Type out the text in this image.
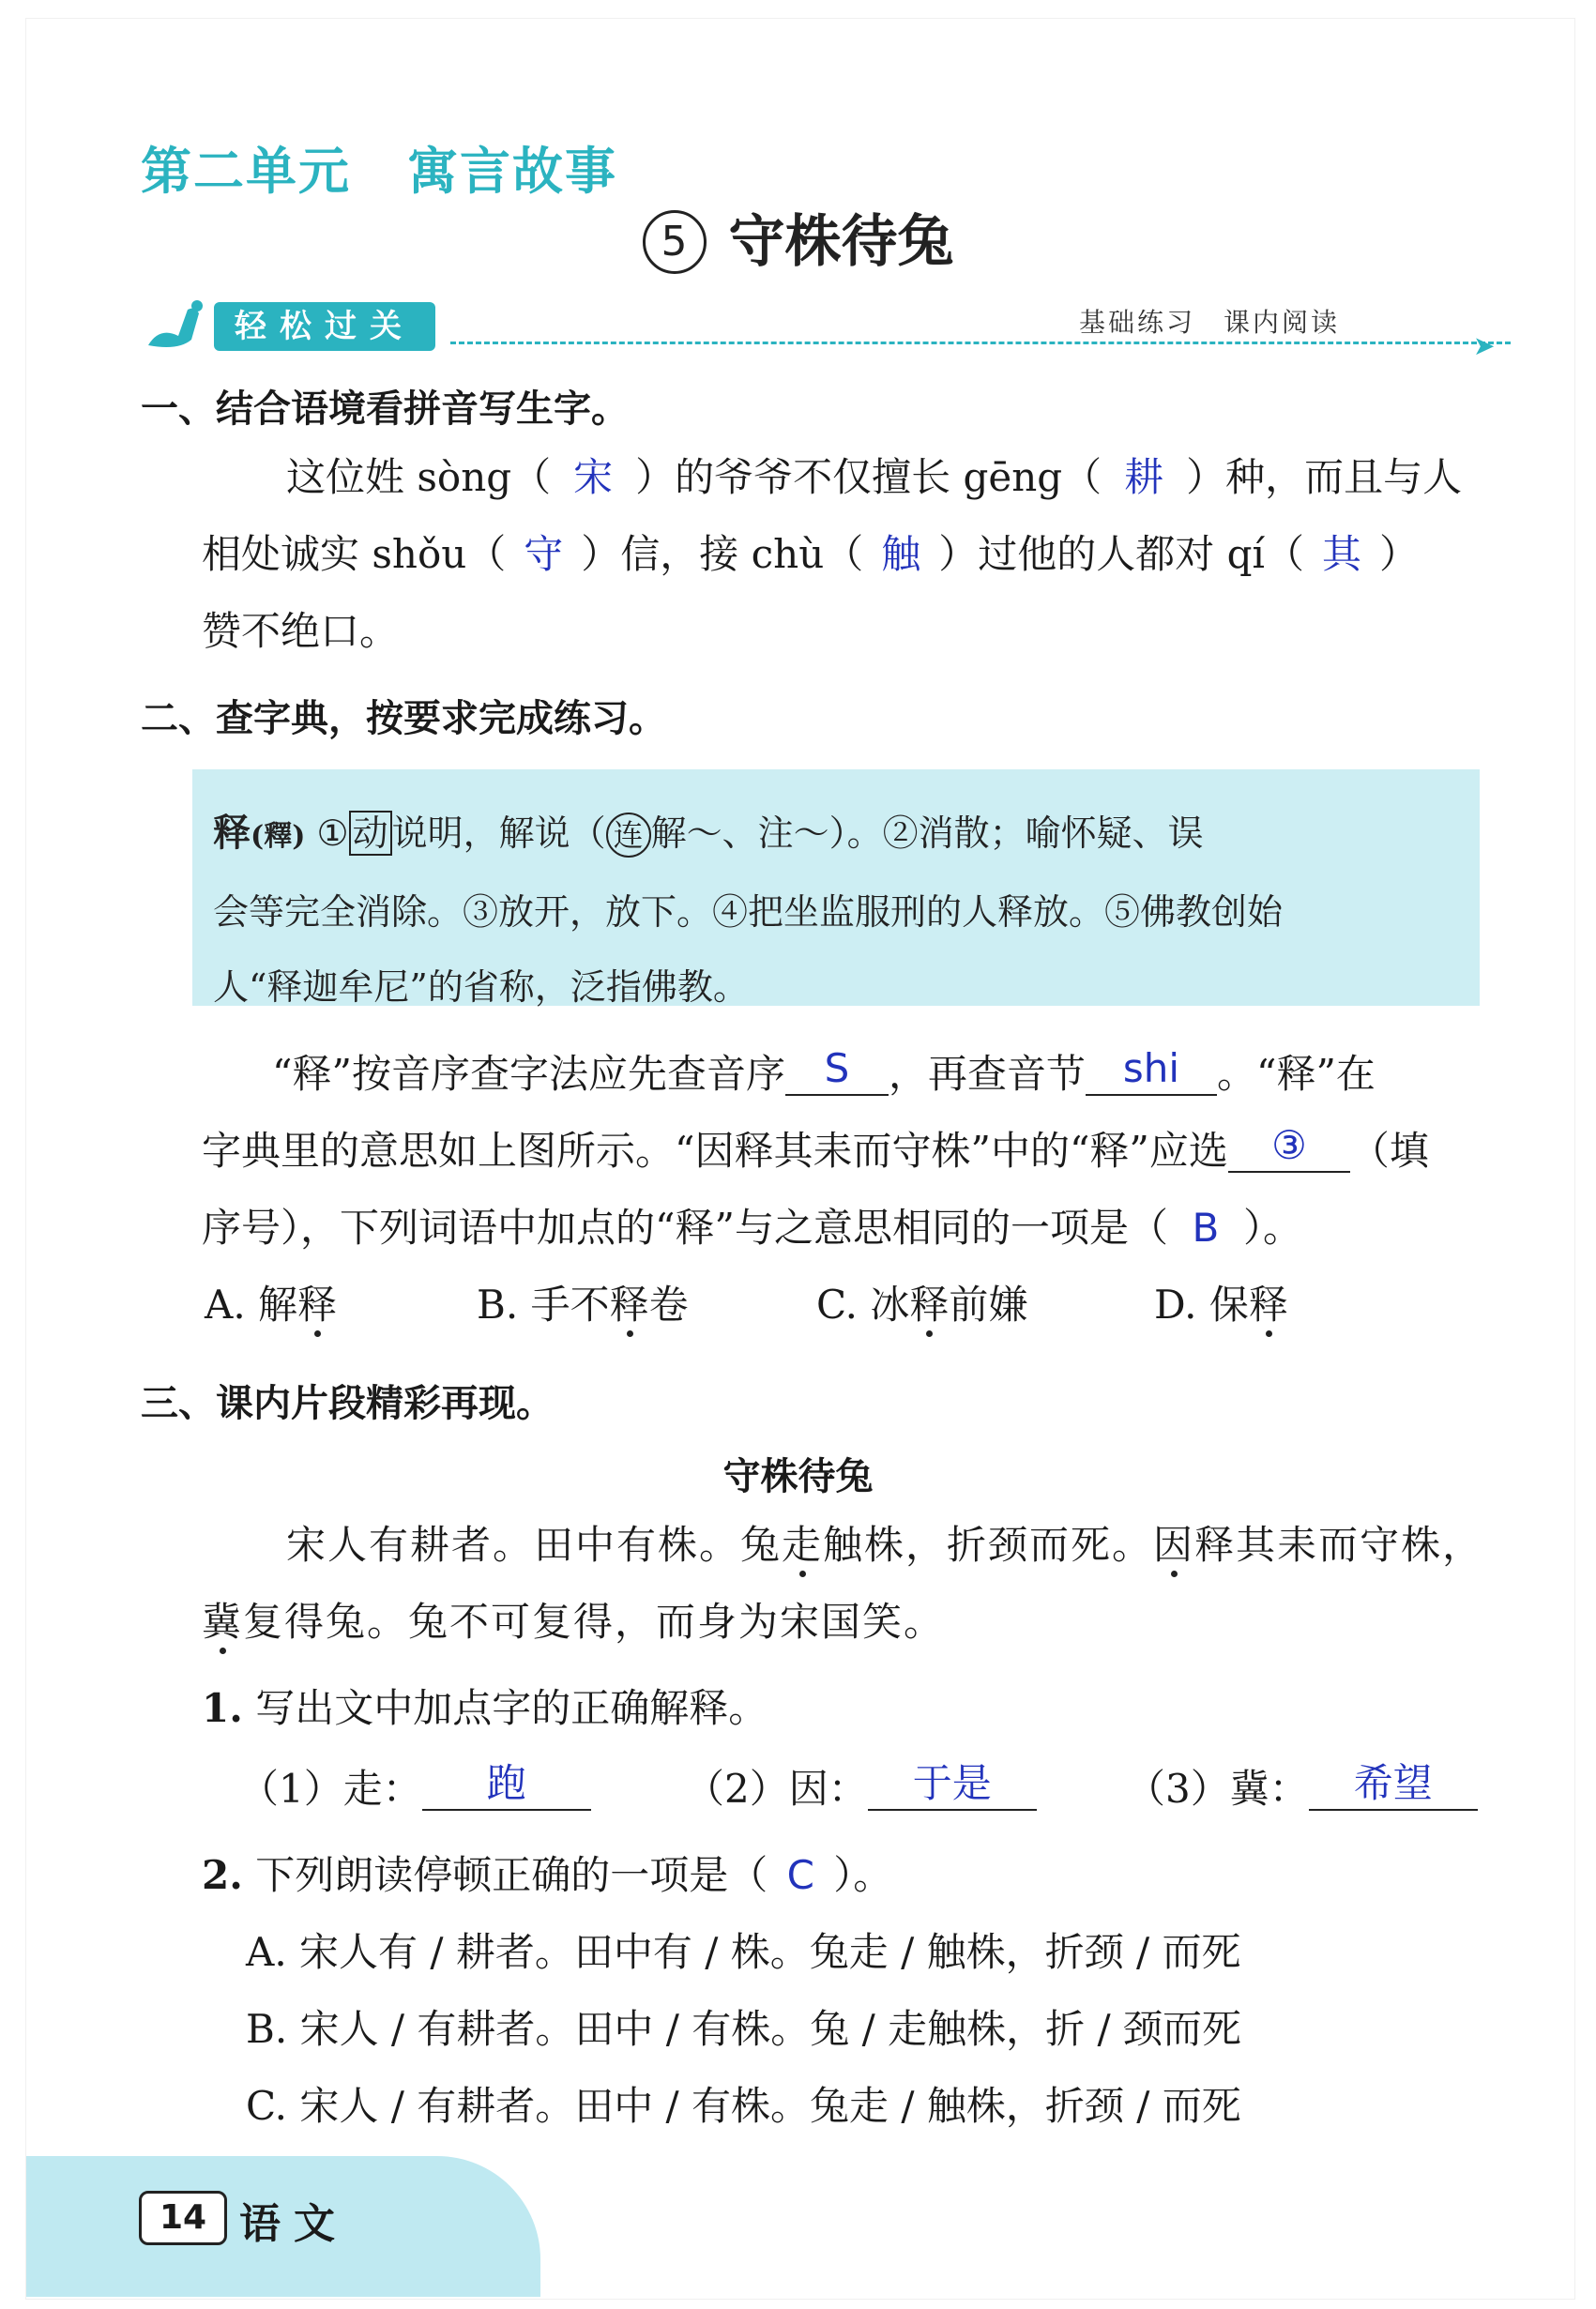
第二单元 寓言故事
5 守株待兔
轻松过关	基础练习 课内阅读
➤
一、结合语境看拼音写生字。
这位姓 sòng（ 宋 ）的爷爷不仅擅长 gēng（ 耕 ）种，而且与人
相处诚实 shǒu（ 守 ）信，接 chù（ 触 ）过他的人都对 qí（ 其 ）
赞不绝口。
二、查字典，按要求完成练习。
释(釋) ① 动 说明，解说（ 连 解～、注～）。②消散；喻怀疑、误
会等完全消除。③放开，放下。④把坐监服刑的人释放。⑤佛教创始
人“释迦牟尼”的省称，泛指佛教。
“释”按音序查字法应先查音序 S ，再查音节 shi 。“释”在
字典里的意思如上图所示。“因释其耒而守株”中的“释”应选 ③ （填
序号），下列词语中加点的“释”与之意思相同的一项是（ B ）。
A. 解释	B. 手不释卷	C. 冰释前嫌	D. 保释
三、课内片段精彩再现。
守株待兔
宋人有耕者。田中有株。兔走触株，折颈而死。因释其耒而守株，
冀复得兔。兔不可复得，而身为宋国笑。
1. 写出文中加点字的正确解释。
（1）走： 跑	（2）因： 于是	（3）冀： 希望
2. 下列朗读停顿正确的一项是（ C ）。
A. 宋人有 / 耕者。田中有 / 株。兔走 / 触株，折颈 / 而死
B. 宋人 / 有耕者。田中 / 有株。兔 / 走触株，折 / 颈而死
C. 宋人 / 有耕者。田中 / 有株。兔走 / 触株，折颈 / 而死
14 语文
